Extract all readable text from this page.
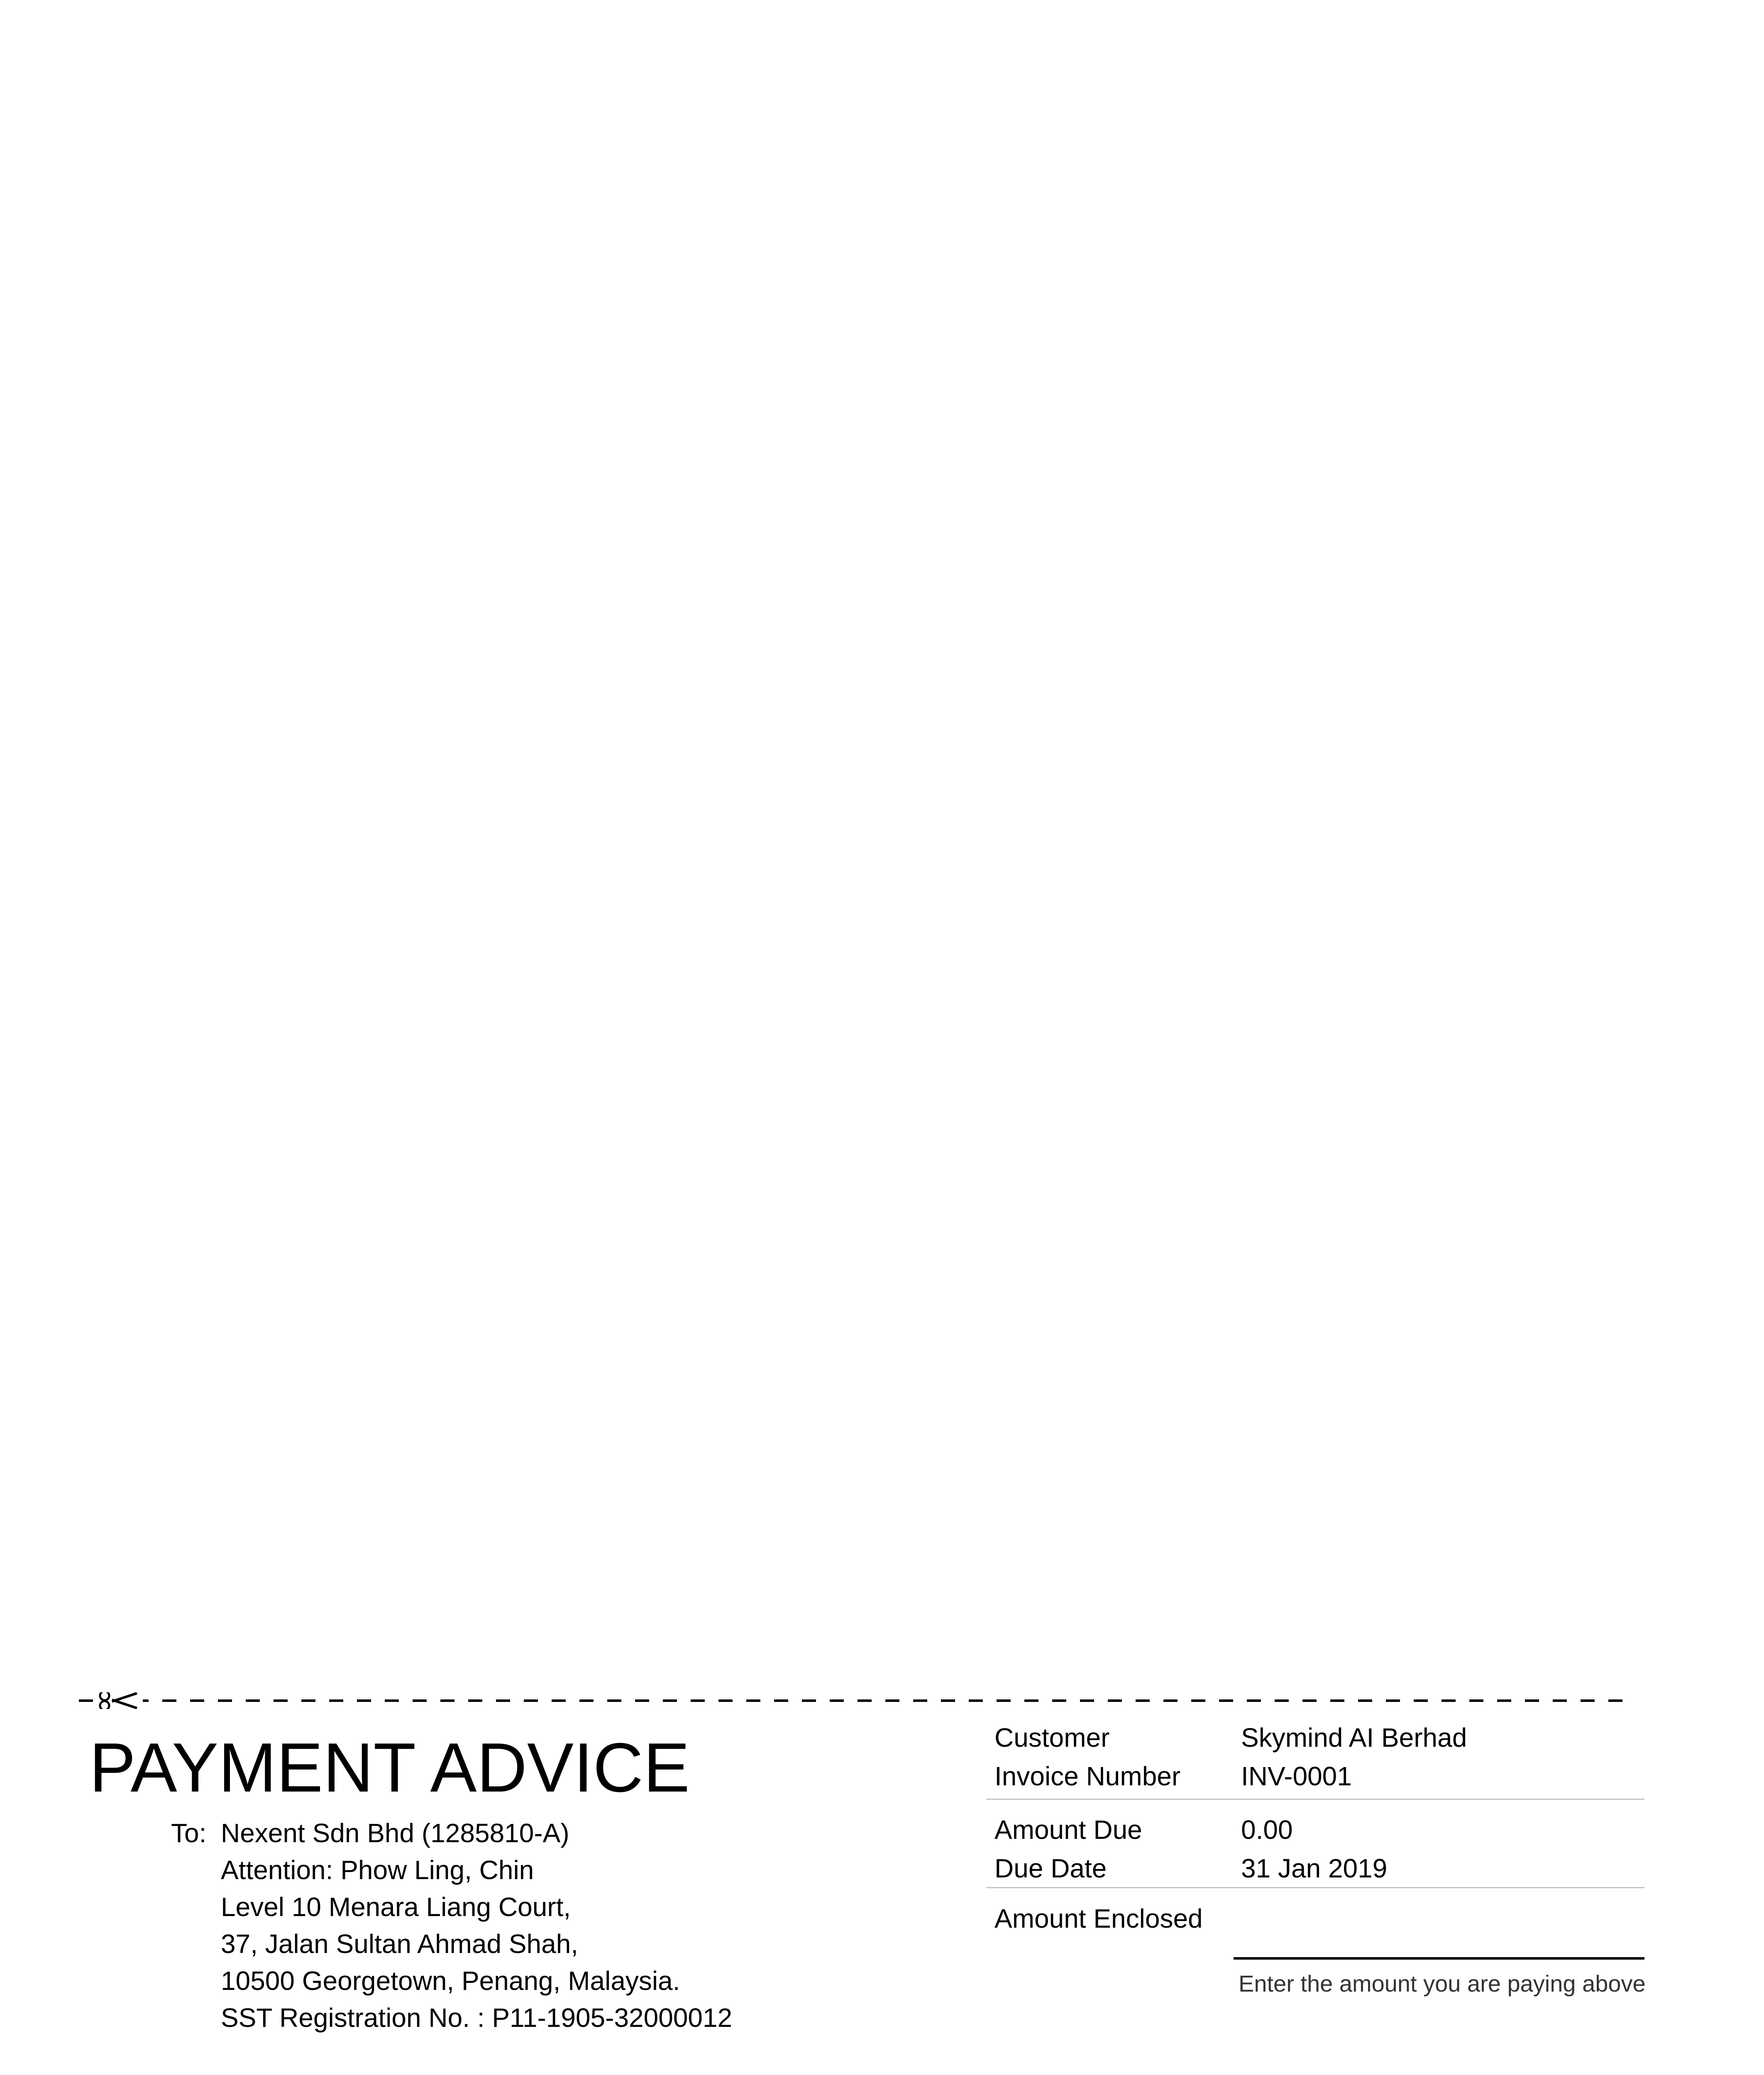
PAYMENT ADVICE
To: Nexent Sdn Bhd (1285810-A)
Attention: Phow Ling, Chin
Level 10 Menara Liang Court,
37, Jalan Sultan Ahmad Shah,
10500 Georgetown, Penang, Malaysia.
SST Registration No. : P11-1905-32000012
Customer	Skymind AI Berhad
Invoice Number INV-0001
Amount Due	0.00
Due Date	31 Jan 2019
Amount Enclosed
Enter the amount you are paying above
